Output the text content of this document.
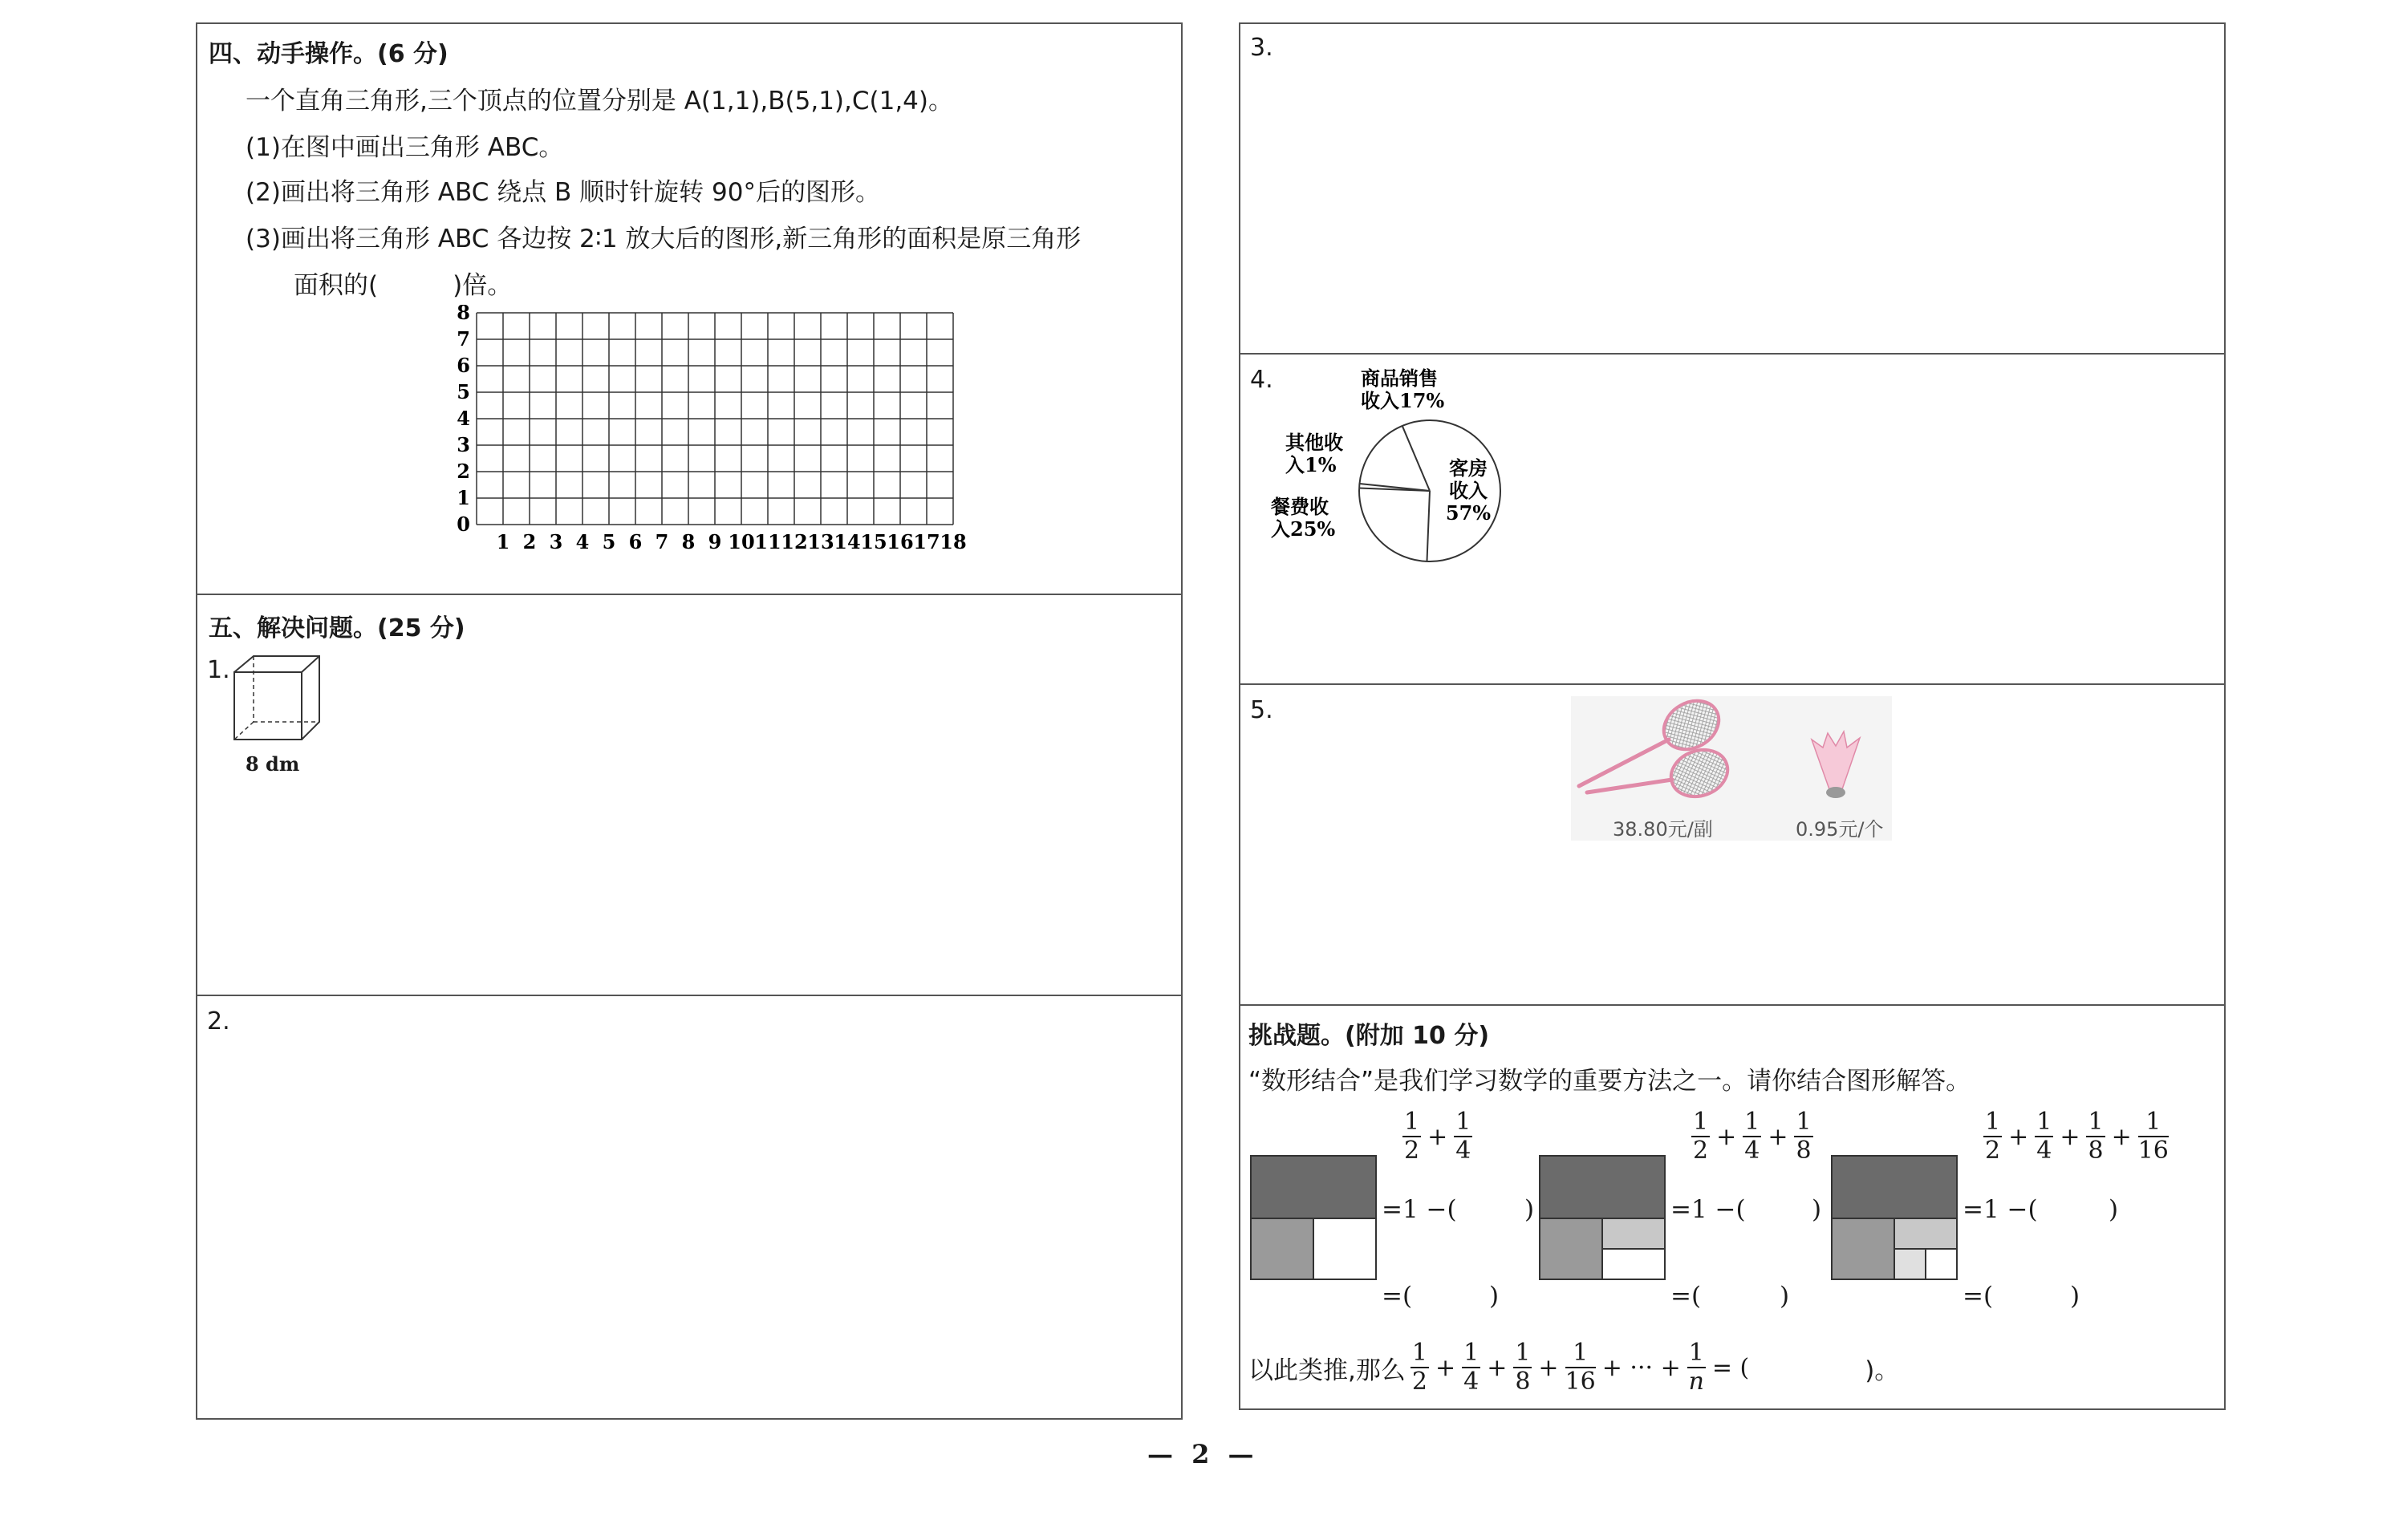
四、动手操作。(6 分)
一个直角三角形,三个顶点的位置分别是 A(1,1),B(5,1),C(1,4)。
(1)在图中画出三角形 ABC。
(2)画出将三角形 ABC 绕点 B 顺时针旋转 90°后的图形。
(3)画出将三角形 ABC 各边按 2∶1 放大后的图形,新三角形的面积是原三角形
面积的(　　　)倍。
1 2 3 4 5 6 7 8 9 10 11 12 13 14 15 16 17 18
0
1
2
3
4
5
6
7
8
五、解决问题。(25 分)
1.
8 dm
2.
3.
4.
客房
收入
57%
餐费收
入25%
其他收
入1%
商品销售
收入17%
5.
38.80元/副	0.95元/个
挑战题。(附加 10 分)
“数形结合”是我们学习数学的重要方法之一。请你结合图形解答。
$\frac{1}{2} + \frac{1}{4}$	$\frac{1}{2} + \frac{1}{4} + \frac{1}{8}$	$\frac{1}{2} + \frac{1}{4} + \frac{1}{8} + \frac{1}{16}$
=1 −(	)
=(	)
=1 −(	)
=(	)
=1 −(	)
=(	)
以此类推,那么 $\frac{1}{2} + \frac{1}{4} + \frac{1}{8} + \frac{1}{16}$ + ··· + $\frac{1}{n}$ = (	)。
— 2 —
